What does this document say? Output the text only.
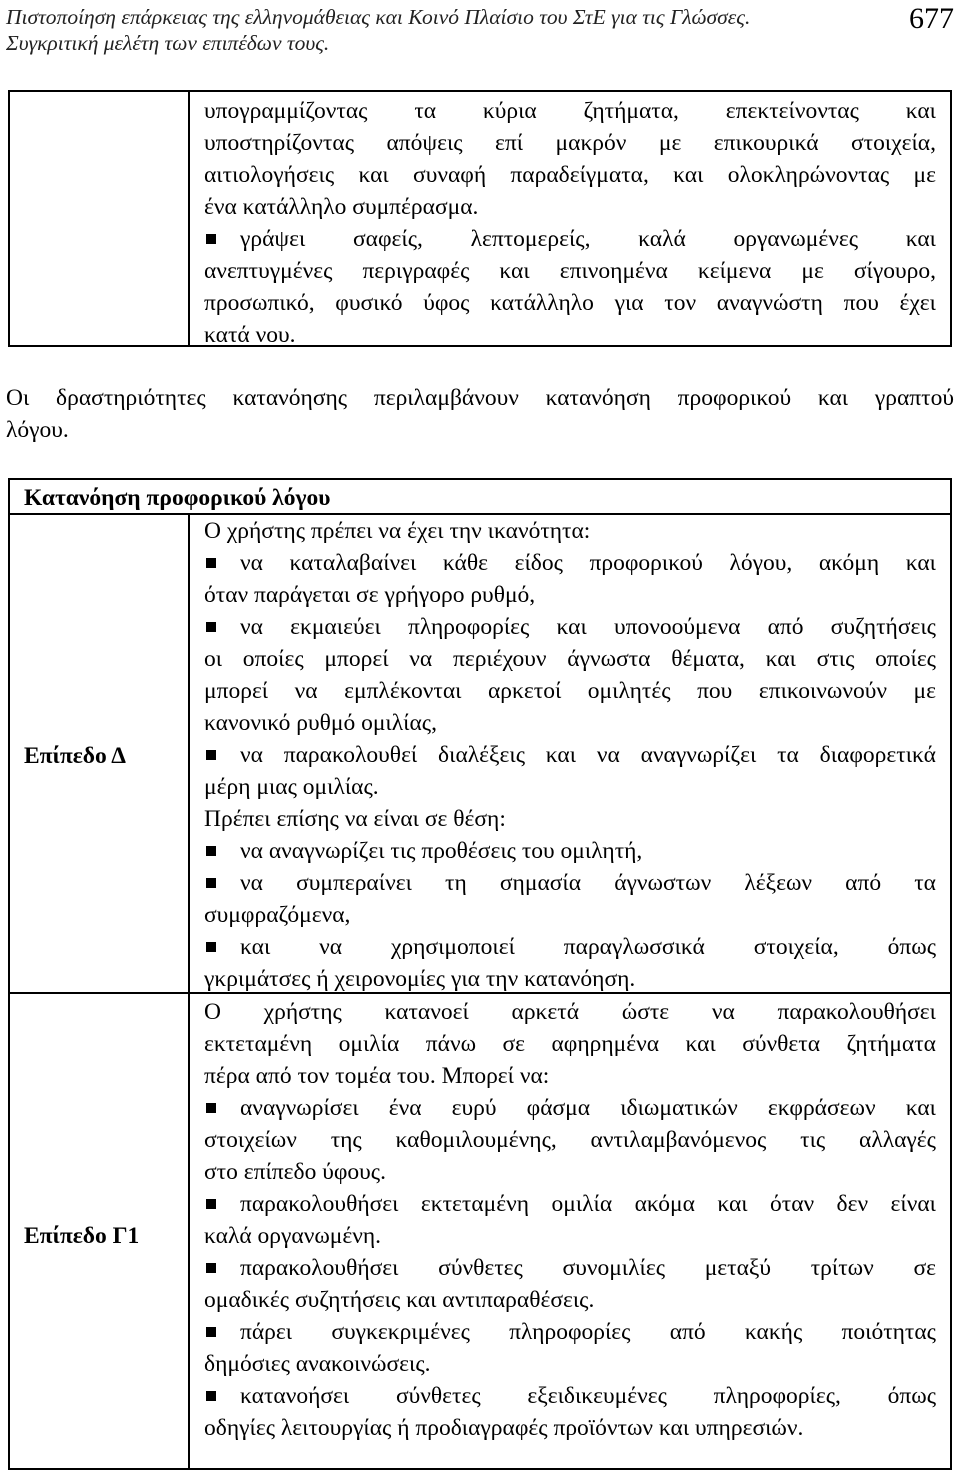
Πιστοποίηση επάρκειας της ελληνομάθειας και Κοινό Πλαίσιο του ΣτΕ για τις Γλώσσες.
Συγκριτική μελέτη των επιπέδων τους.
677

υπογραμμίζοντας τα κύρια ζητήματα, επεκτείνοντας και

υποστηρίζοντας απόψεις επί μακρόν με επικουρικά στοιχεία,

αιτιολογήσεις και συναφή παραδείγματα, και ολοκληρώνοντας με

ένα κατάλληλο συμπέρασμα.

γράψει σαφείς, λεπτομερείς, καλά οργανωμένες και

ανεπτυγμένες περιγραφές και επινοημένα κείμενα με σίγουρο,

προσωπικό, φυσικό ύφος κατάλληλο για τον αναγνώστη που έχει

κατά νου.

Οι δραστηριότητες κατανόησης περιλαμβάνουν κατανόηση προφορικού και γραπτού

λόγου.

Κατανόηση προφορικού λόγου
Επίπεδο Δ

Ο χρήστης πρέπει να έχει την ικανότητα:

να καταλαβαίνει κάθε είδος προφορικού λόγου, ακόμη και

όταν παράγεται σε γρήγορο ρυθμό,

να εκμαιεύει πληροφορίες και υπονοούμενα από συζητήσεις

οι οποίες μπορεί να περιέχουν άγνωστα θέματα, και στις οποίες

μπορεί να εμπλέκονται αρκετοί ομιλητές που επικοινωνούν με

κανονικό ρυθμό ομιλίας,

να παρακολουθεί διαλέξεις και να αναγνωρίζει τα διαφορετικά

μέρη μιας ομιλίας.

Πρέπει επίσης να είναι σε θέση:

να αναγνωρίζει τις προθέσεις του ομιλητή,

να συμπεραίνει τη σημασία άγνωστων λέξεων από τα

συμφραζόμενα,

και να χρησιμοποιεί παραγλωσσικά στοιχεία, όπως

γκριμάτσες ή χειρονομίες για την κατανόηση.

Επίπεδο Γ1

Ο χρήστης κατανοεί αρκετά ώστε να παρακολουθήσει

εκτεταμένη ομιλία πάνω σε αφηρημένα και σύνθετα ζητήματα

πέρα από τον τομέα του. Μπορεί να:

αναγνωρίσει ένα ευρύ φάσμα ιδιωματικών εκφράσεων και

στοιχείων της καθομιλουμένης, αντιλαμβανόμενος τις αλλαγές

στο επίπεδο ύφους.

παρακολουθήσει εκτεταμένη ομιλία ακόμα και όταν δεν είναι

καλά οργανωμένη.

παρακολουθήσει σύνθετες συνομιλίες μεταξύ τρίτων σε

ομαδικές συζητήσεις και αντιπαραθέσεις.

πάρει συγκεκριμένες πληροφορίες από κακής ποιότητας

δημόσιες ανακοινώσεις.

κατανοήσει σύνθετες εξειδικευμένες πληροφορίες, όπως

οδηγίες λειτουργίας ή προδιαγραφές προϊόντων και υπηρεσιών.
